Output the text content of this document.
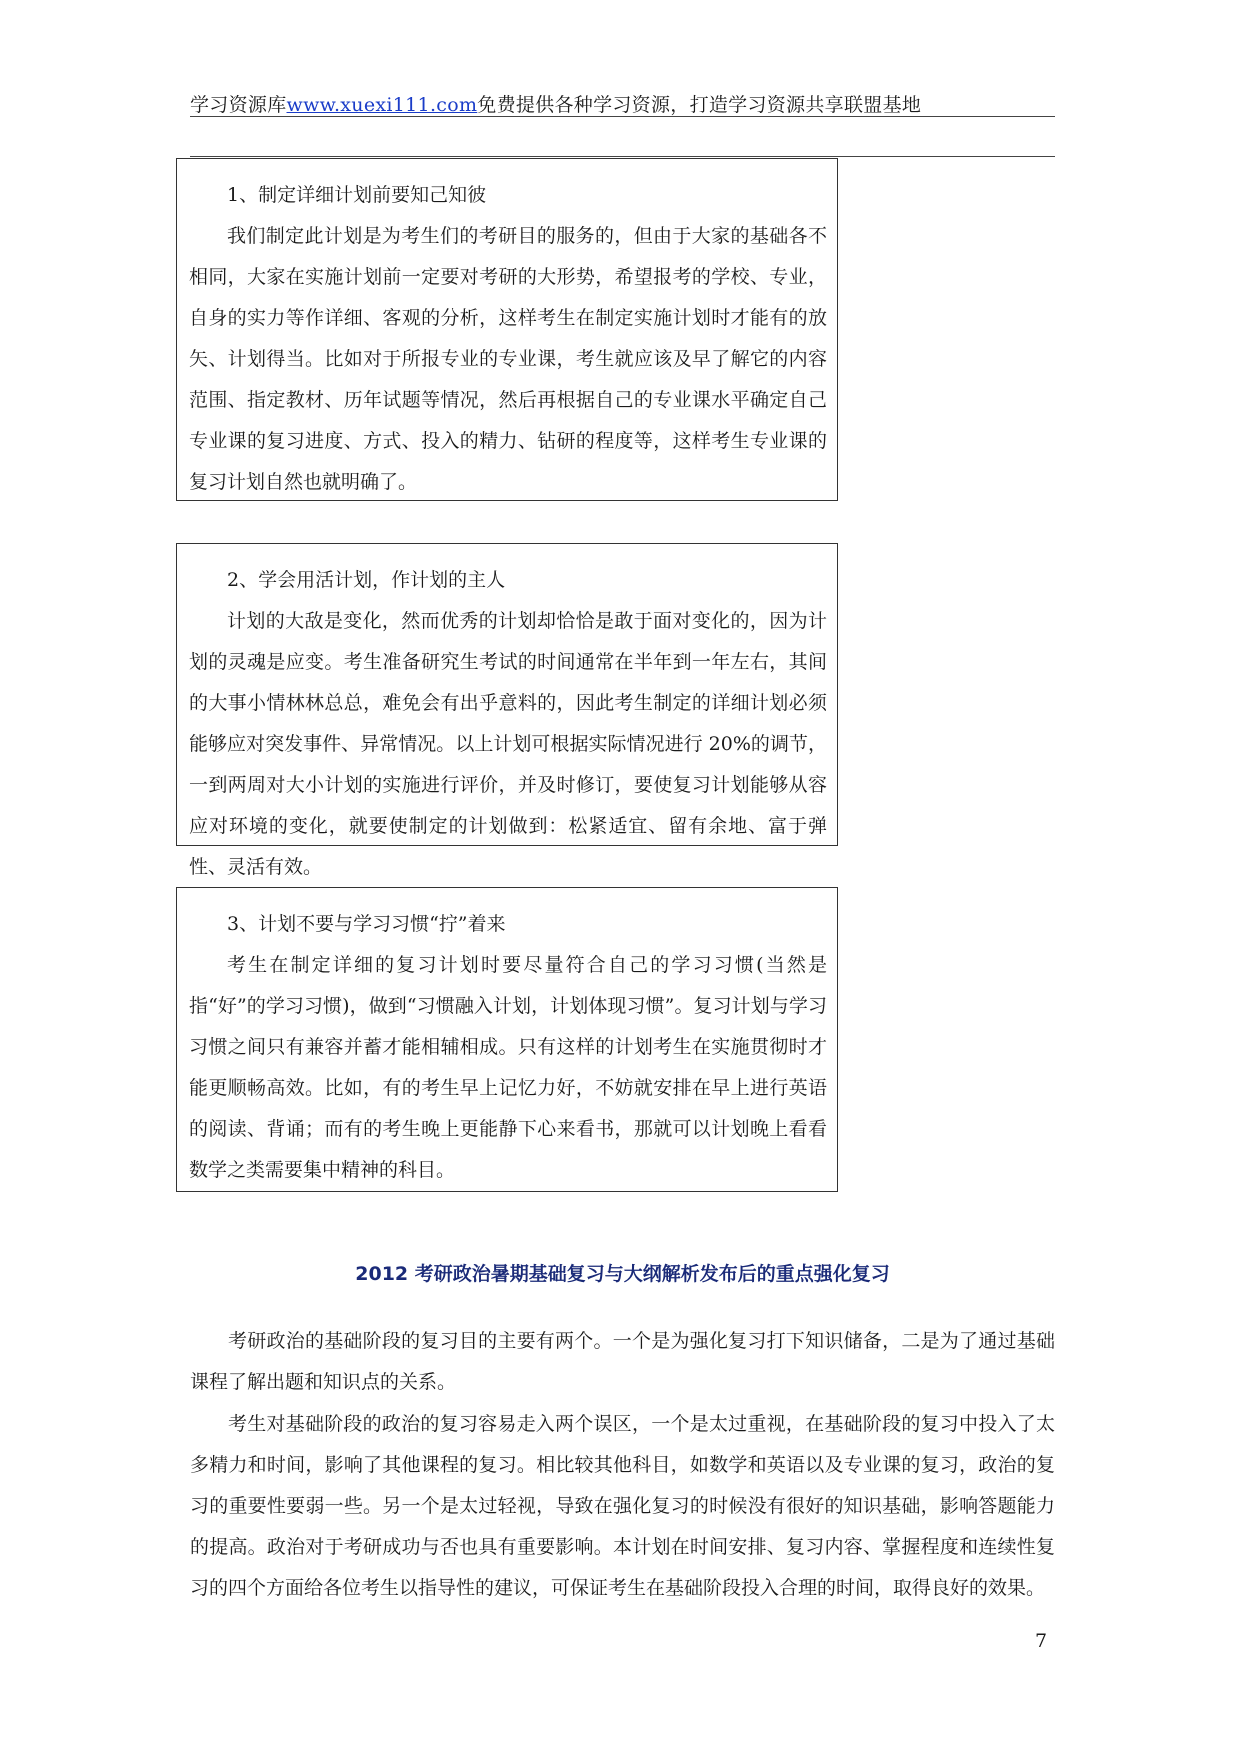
学习资源库www.xuexi111.com免费提供各种学习资源，打造学习资源共享联盟基地
1、制定详细计划前要知己知彼
我们制定此计划是为考生们的考研目的服务的，但由于大家的基础各不相同，大家在实施计划前一定要对考研的大形势，希望报考的学校、专业，自身的实力等作详细、客观的分析，这样考生在制定实施计划时才能有的放矢、计划得当。比如对于所报专业的专业课，考生就应该及早了解它的内容范围、指定教材、历年试题等情况，然后再根据自己的专业课水平确定自己专业课的复习进度、方式、投入的精力、钻研的程度等，这样考生专业课的复习计划自然也就明确了。
2、学会用活计划，作计划的主人
计划的大敌是变化，然而优秀的计划却恰恰是敢于面对变化的，因为计划的灵魂是应变。考生准备研究生考试的时间通常在半年到一年左右，其间的大事小情林林总总，难免会有出乎意料的，因此考生制定的详细计划必须能够应对突发事件、异常情况。以上计划可根据实际情况进行 20%的调节，一到两周对大小计划的实施进行评价，并及时修订，要使复习计划能够从容应对环境的变化，就要使制定的计划做到：松紧适宜、留有余地、富于弹性、灵活有效。
3、计划不要与学习习惯“拧”着来
考生在制定详细的复习计划时要尽量符合自己的学习习惯(当然是指“好”的学习习惯)，做到“习惯融入计划，计划体现习惯”。复习计划与学习习惯之间只有兼容并蓄才能相辅相成。只有这样的计划考生在实施贯彻时才能更顺畅高效。比如，有的考生早上记忆力好，不妨就安排在早上进行英语的阅读、背诵；而有的考生晚上更能静下心来看书，那就可以计划晚上看看数学之类需要集中精神的科目。
2012 考研政治暑期基础复习与大纲解析发布后的重点强化复习
考研政治的基础阶段的复习目的主要有两个。一个是为强化复习打下知识储备，二是为了通过基础课程了解出题和知识点的关系。
考生对基础阶段的政治的复习容易走入两个误区，一个是太过重视，在基础阶段的复习中投入了太多精力和时间，影响了其他课程的复习。相比较其他科目，如数学和英语以及专业课的复习，政治的复习的重要性要弱一些。另一个是太过轻视，导致在强化复习的时候没有很好的知识基础，影响答题能力的提高。政治对于考研成功与否也具有重要影响。本计划在时间安排、复习内容、掌握程度和连续性复习的四个方面给各位考生以指导性的建议，可保证考生在基础阶段投入合理的时间，取得良好的效果。
7
